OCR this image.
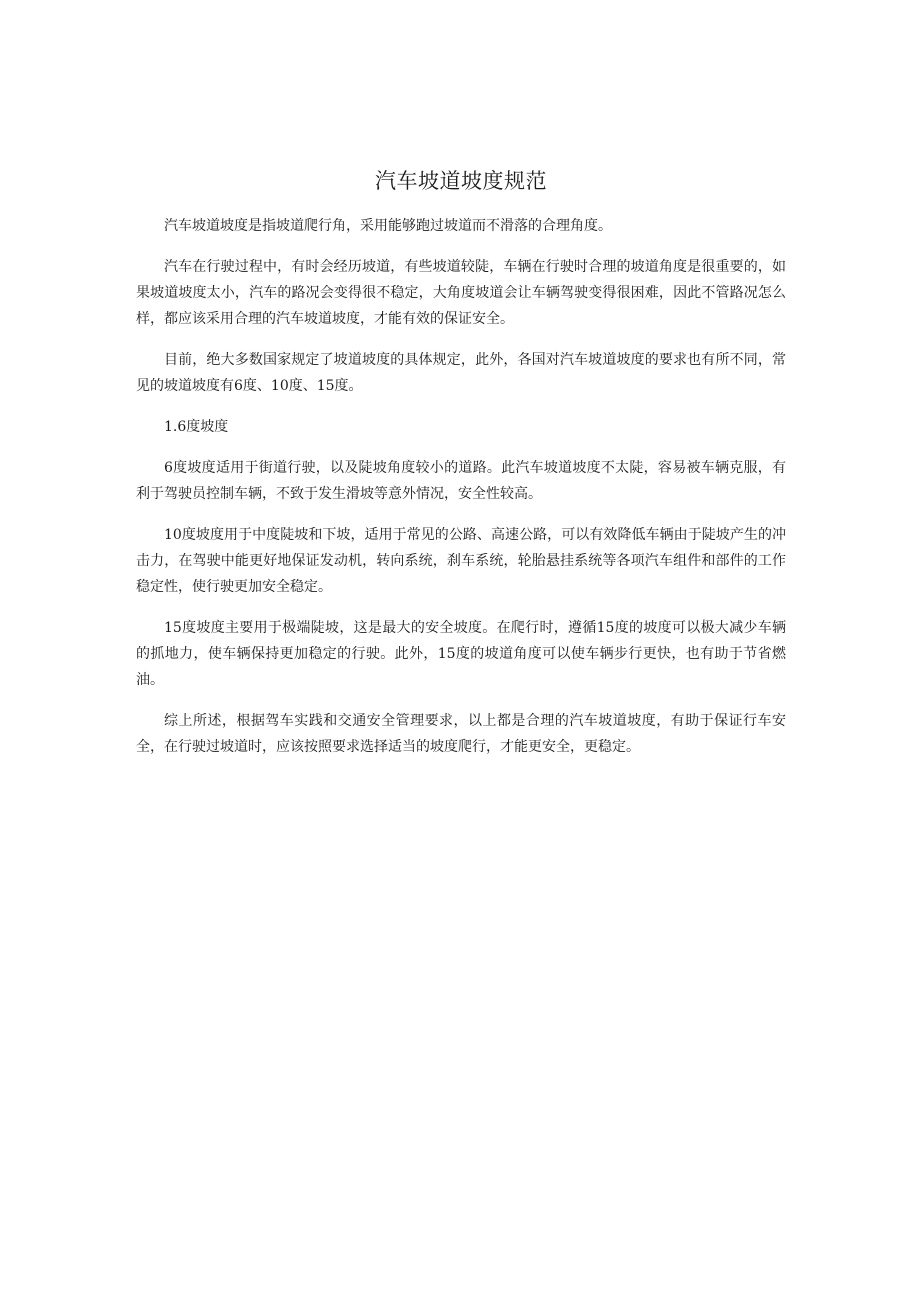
汽车坡道坡度规范

汽车坡道坡度是指坡道爬行角，采用能够跑过坡道而不滑落的合理角度。

汽车在行驶过程中，有时会经历坡道，有些坡道较陡，车辆在行驶时合理的坡道角度是很重要的，如果坡道坡度太小，汽车的路况会变得很不稳定，大角度坡道会让车辆驾驶变得很困难，因此不管路况怎么样，都应该采用合理的汽车坡道坡度，才能有效的保证安全。

目前，绝大多数国家规定了坡道坡度的具体规定，此外，各国对汽车坡道坡度的要求也有所不同，常见的坡道坡度有6度、10度、15度。

1.6度坡度

6度坡度适用于街道行驶，以及陡坡角度较小的道路。此汽车坡道坡度不太陡，容易被车辆克服，有利于驾驶员控制车辆，不致于发生滑坡等意外情况，安全性较高。

10度坡度用于中度陡坡和下坡，适用于常见的公路、高速公路，可以有效降低车辆由于陡坡产生的冲击力，在驾驶中能更好地保证发动机，转向系统，刹车系统，轮胎悬挂系统等各项汽车组件和部件的工作稳定性，使行驶更加安全稳定。

15度坡度主要用于极端陡坡，这是最大的安全坡度。在爬行时，遵循15度的坡度可以极大减少车辆的抓地力，使车辆保持更加稳定的行驶。此外，15度的坡道角度可以使车辆步行更快，也有助于节省燃油。

综上所述，根据驾车实践和交通安全管理要求，以上都是合理的汽车坡道坡度，有助于保证行车安全，在行驶过坡道时，应该按照要求选择适当的坡度爬行，才能更安全，更稳定。
